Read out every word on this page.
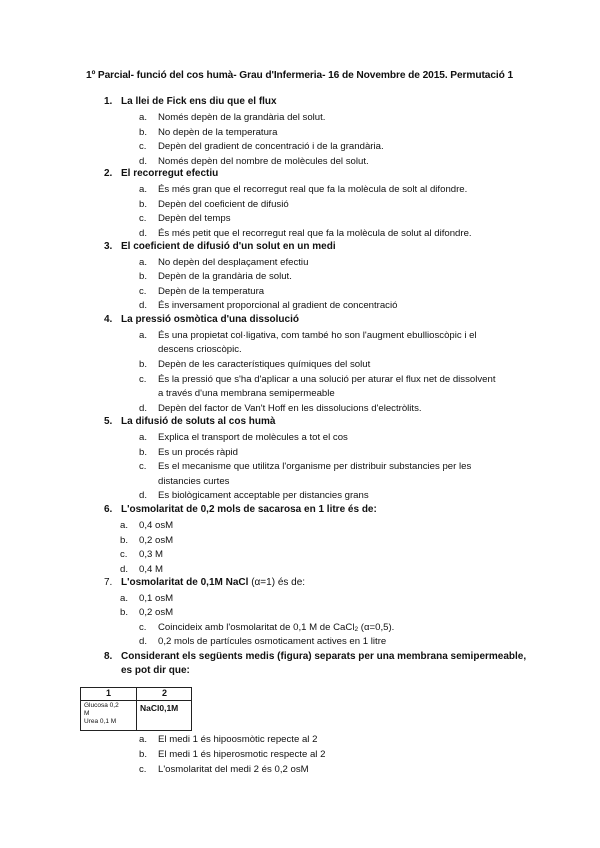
1º Parcial- funció del cos humà- Grau d'Infermeria- 16 de Novembre de 2015. Permutació 1
1. La llei de Fick ens diu que el flux
a. Només depèn de la grandària del solut.
b. No depèn de la temperatura
c. Depèn del gradient de concentració i de la grandària.
d. Només depèn del nombre de molècules del solut.
2. El recorregut efectiu
a. És més gran que el recorregut real que fa la molècula de solt al difondre.
b. Depèn del coeficient de difusió
c. Depèn del temps
d. És més petit que el recorregut real que fa la molècula de solut al difondre.
3. El coeficient de difusió d'un solut en un medi
a. No depèn del desplaçament efectiu
b. Depèn de la grandària de solut.
c. Depèn de la temperatura
d. És inversament proporcional al gradient de concentració
4. La pressió osmòtica d'una dissolució
a. És una propietat col·ligativa, com també ho son l'augment ebullioscòpic i el
descens crioscòpic.
b. Depèn de les característiques químiques del solut
c. És la pressió que s'ha d'aplicar a una solució per aturar el flux net de dissolvent
a través d'una membrana semipermeable
d. Depèn del factor de Van't Hoff en les dissolucions d'electròlits.
5. La difusió de soluts al cos humà
a. Explica el transport de molècules a tot el cos
b. Es un procés ràpid
c. Es el mecanisme que utilitza l'organisme per distribuir substancies per les
distancies curtes
d. Es biològicament acceptable per distancies grans
6. L'osmolaritat de 0,2 mols de sacarosa en 1 litre és de:
a. 0,4 osM
b. 0,2 osM
c. 0,3 M
d. 0,4 M
7. L'osmolaritat de 0,1M NaCl (α=1) és de:
a. 0,1 osM
b. 0,2 osM
c. Coincideix amb l'osmolaritat de 0,1 M de CaCl2 (α=0,5).
d. 0,2 mols de partícules osmoticament actives en 1 litre
8. Considerant els següents medis (figura) separats per una membrana semipermeable,
es pot dir que:
1	2
Glucosa 0,2
M
Urea 0,1 M
NaCl0,1M
a. El medi 1 és hipoosmòtic repecte al 2
b. El medi 1 és hiperosmotic respecte al 2
c. L'osmolaritat del medi 2 és 0,2 osM
